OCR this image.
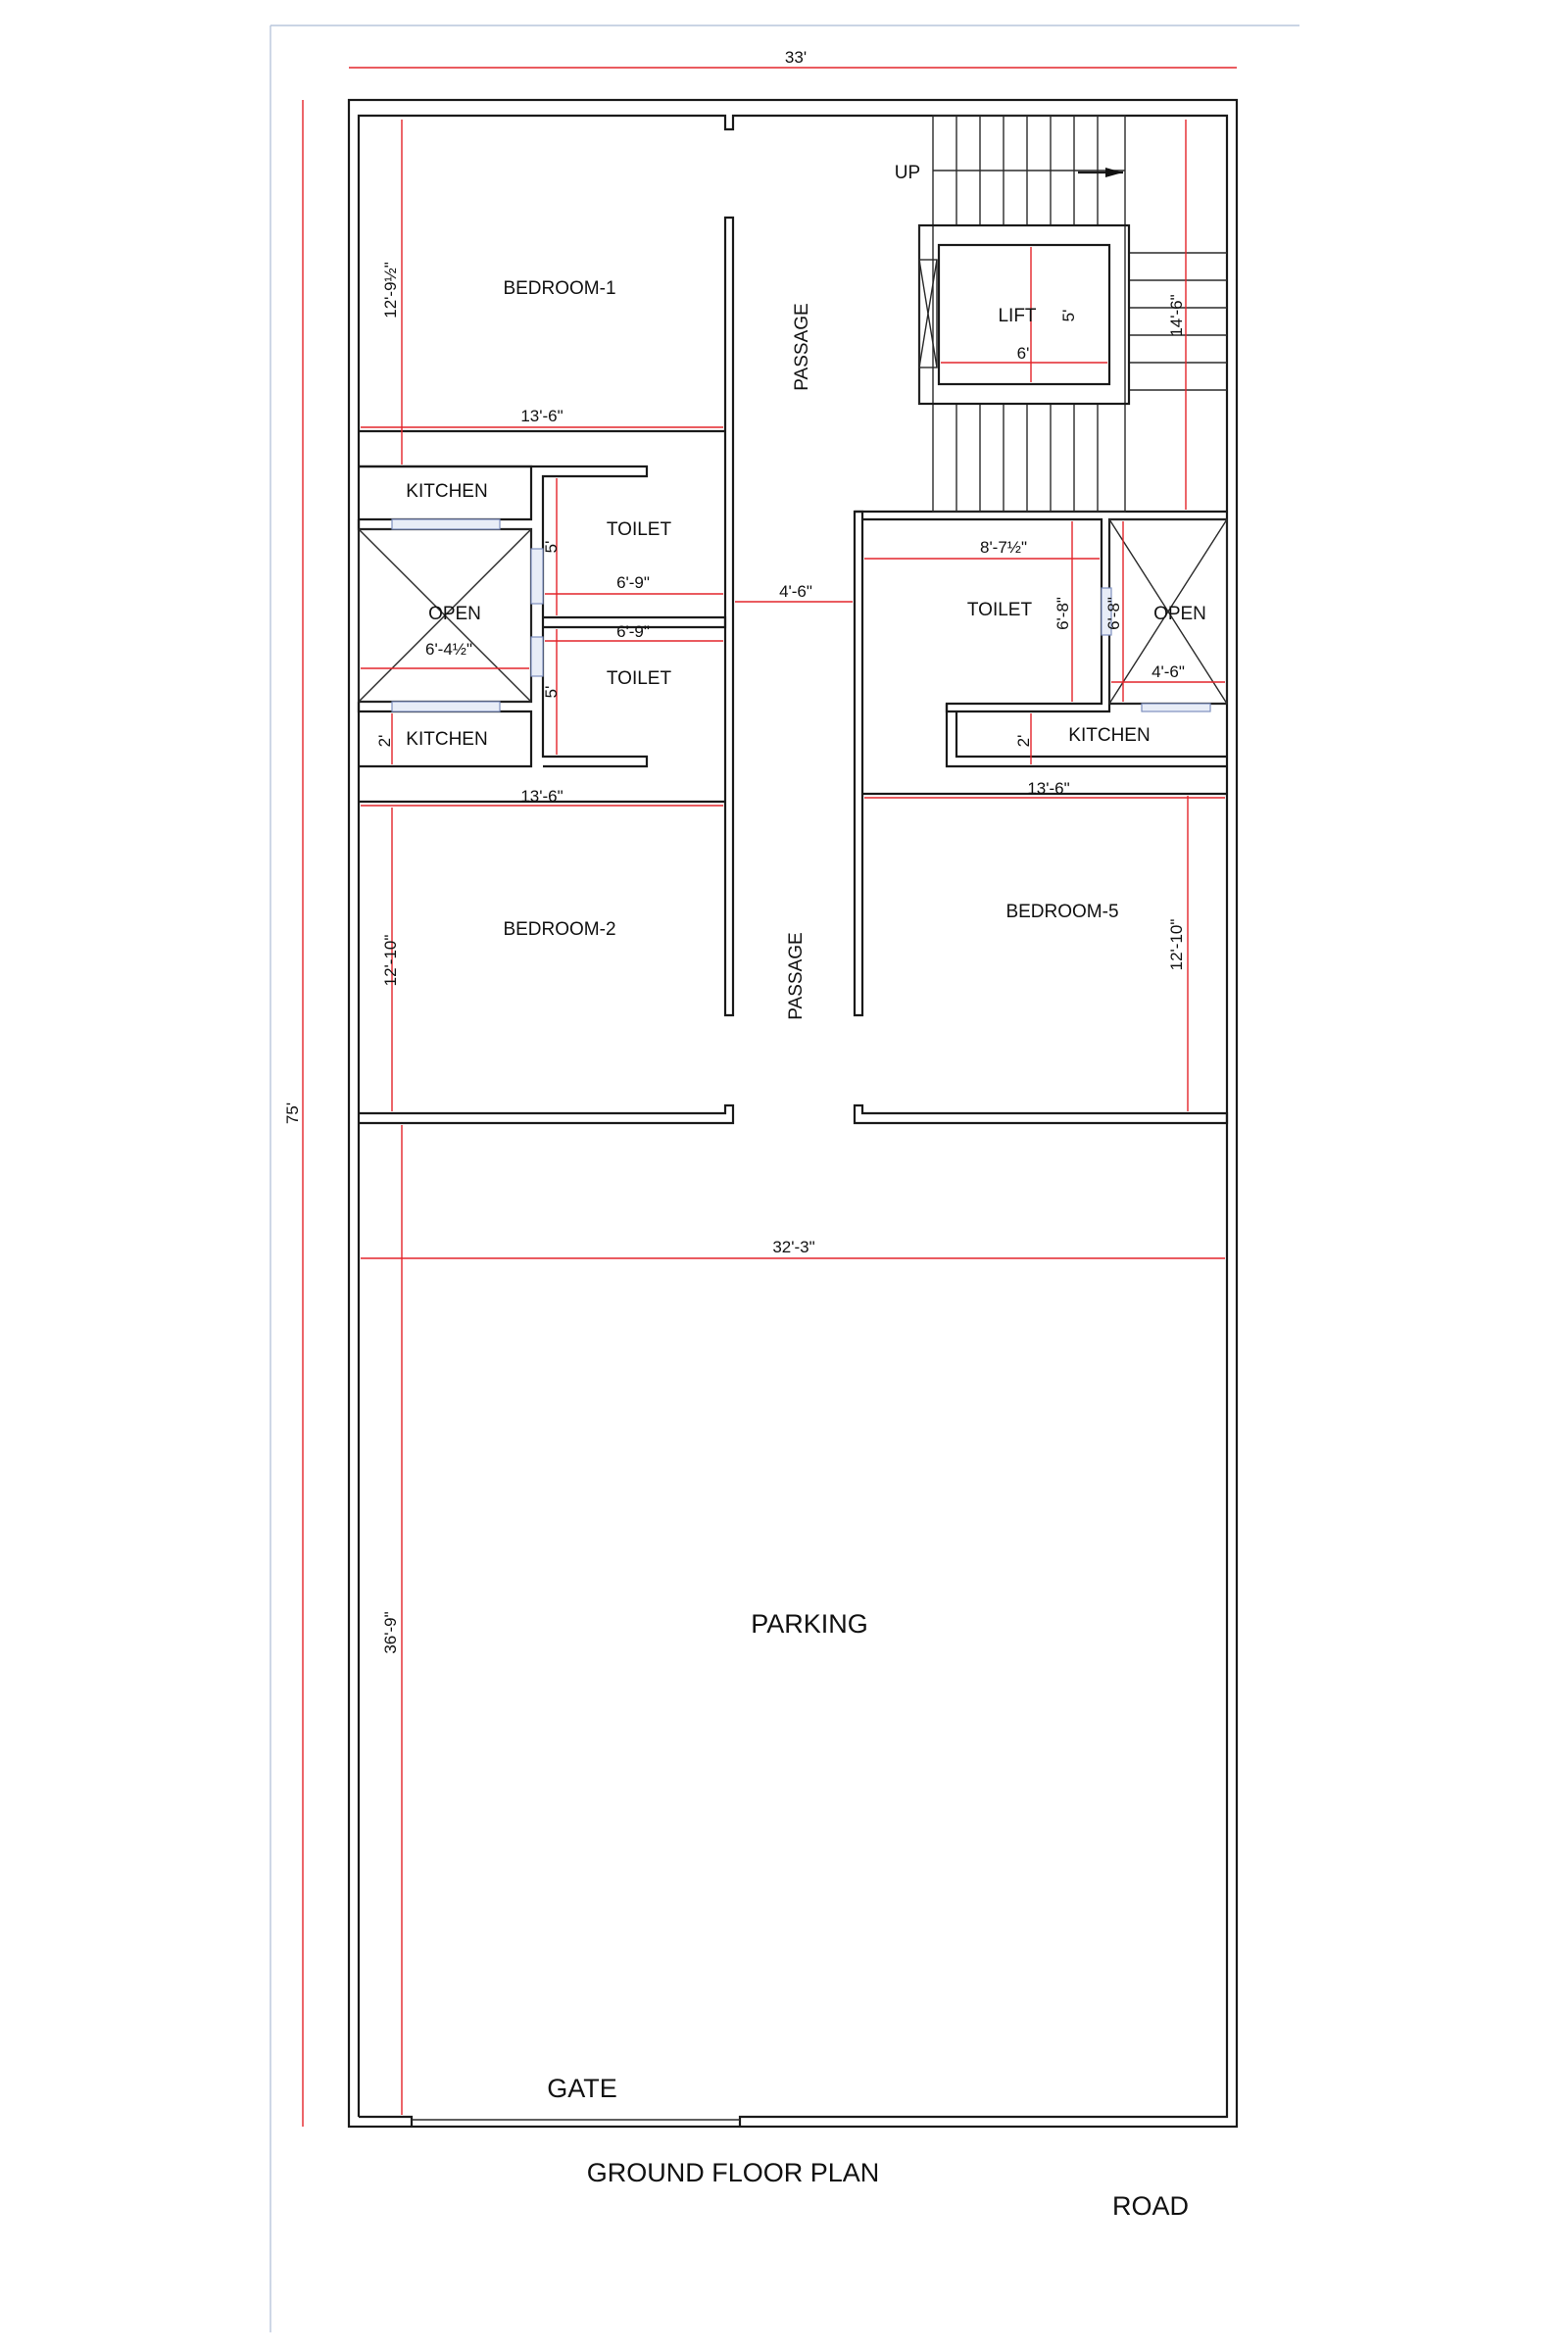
33'
75'
BEDROOM-1
12'-9½"
13'-6"
PASSAGE
UP
LIFT 5'
6'
14'-6"
KITCHEN
TOILET
5'
6'-9"	4'-6"
OPEN
6'-9"
6'-4½"
TOILET
5'
KITCHEN
2'
13'-6"
BEDROOM-2
12'-10"	PASSAGE
8'-7½"
TOILET 6'-8" 6'-8" OPEN
4'-6"
KITCHEN
2'
13'-6"
BEDROOM-5
12'-10"
32'-3"
36'-9"	PARKING
GATE
GROUND FLOOR PLAN
ROAD
